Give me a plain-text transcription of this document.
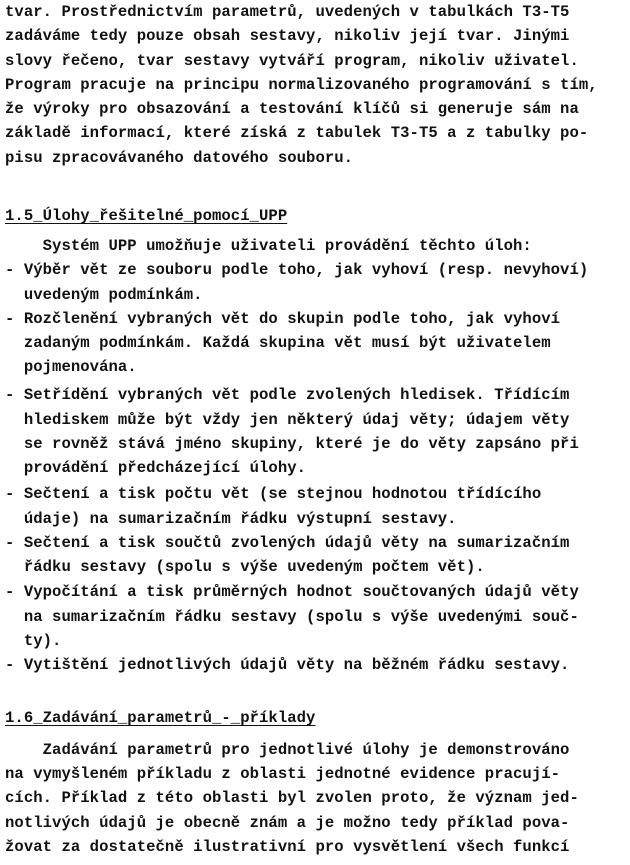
tvar. Prostřednictvím parametrů, uvedených v tabulkách T3-T5
zadáváme tedy pouze obsah sestavy, nikoliv její tvar. Jinými
slovy řečeno, tvar sestavy vytváří program, nikoliv uživatel.
Program pracuje na principu normalizovaného programování s tím,
že výroky pro obsazování a testování klíčů si generuje sám na
základě informací, které získá z tabulek T3-T5 a z tabulky po-
pisu zpracovávaného datového souboru.
1.5_Úlohy_řešitelné_pomocí_UPP
Systém UPP umožňuje uživateli provádění těchto úloh:
- Výběr vět ze souboru podle toho, jak vyhoví (resp. nevyhoví)
uvedeným podmínkám.
- Rozčlenění vybraných vět do skupin podle toho, jak vyhoví
zadaným podmínkám. Každá skupina vět musí být uživatelem
pojmenována.
- Setřídění vybraných vět podle zvolených hledisek. Třídícím
hlediskem může být vždy jen některý údaj věty; údajem věty
se rovněž stává jméno skupiny, které je do věty zapsáno při
provádění předcházející úlohy.
- Sečtení a tisk počtu vět (se stejnou hodnotou třídícího
údaje) na sumarizačním řádku výstupní sestavy.
- Sečtení a tisk součtů zvolených údajů věty na sumarizačním
řádku sestavy (spolu s výše uvedeným počtem vět).
- Vypočítání a tisk průměrných hodnot součtovaných údajů věty
na sumarizačním řádku sestavy (spolu s výše uvedenými souč-
ty).
- Vytištění jednotlivých údajů věty na běžném řádku sestavy.
1.6_Zadávání_parametrů_-_příklady
Zadávání parametrů pro jednotlivé úlohy je demonstrováno
na vymyšleném příkladu z oblasti jednotné evidence pracují-
cích. Příklad z této oblasti byl zvolen proto, že význam jed-
notlivých údajů je obecně znám a je možno tedy příklad pova-
žovat za dostatečně ilustrativní pro vysvětlení všech funkcí
